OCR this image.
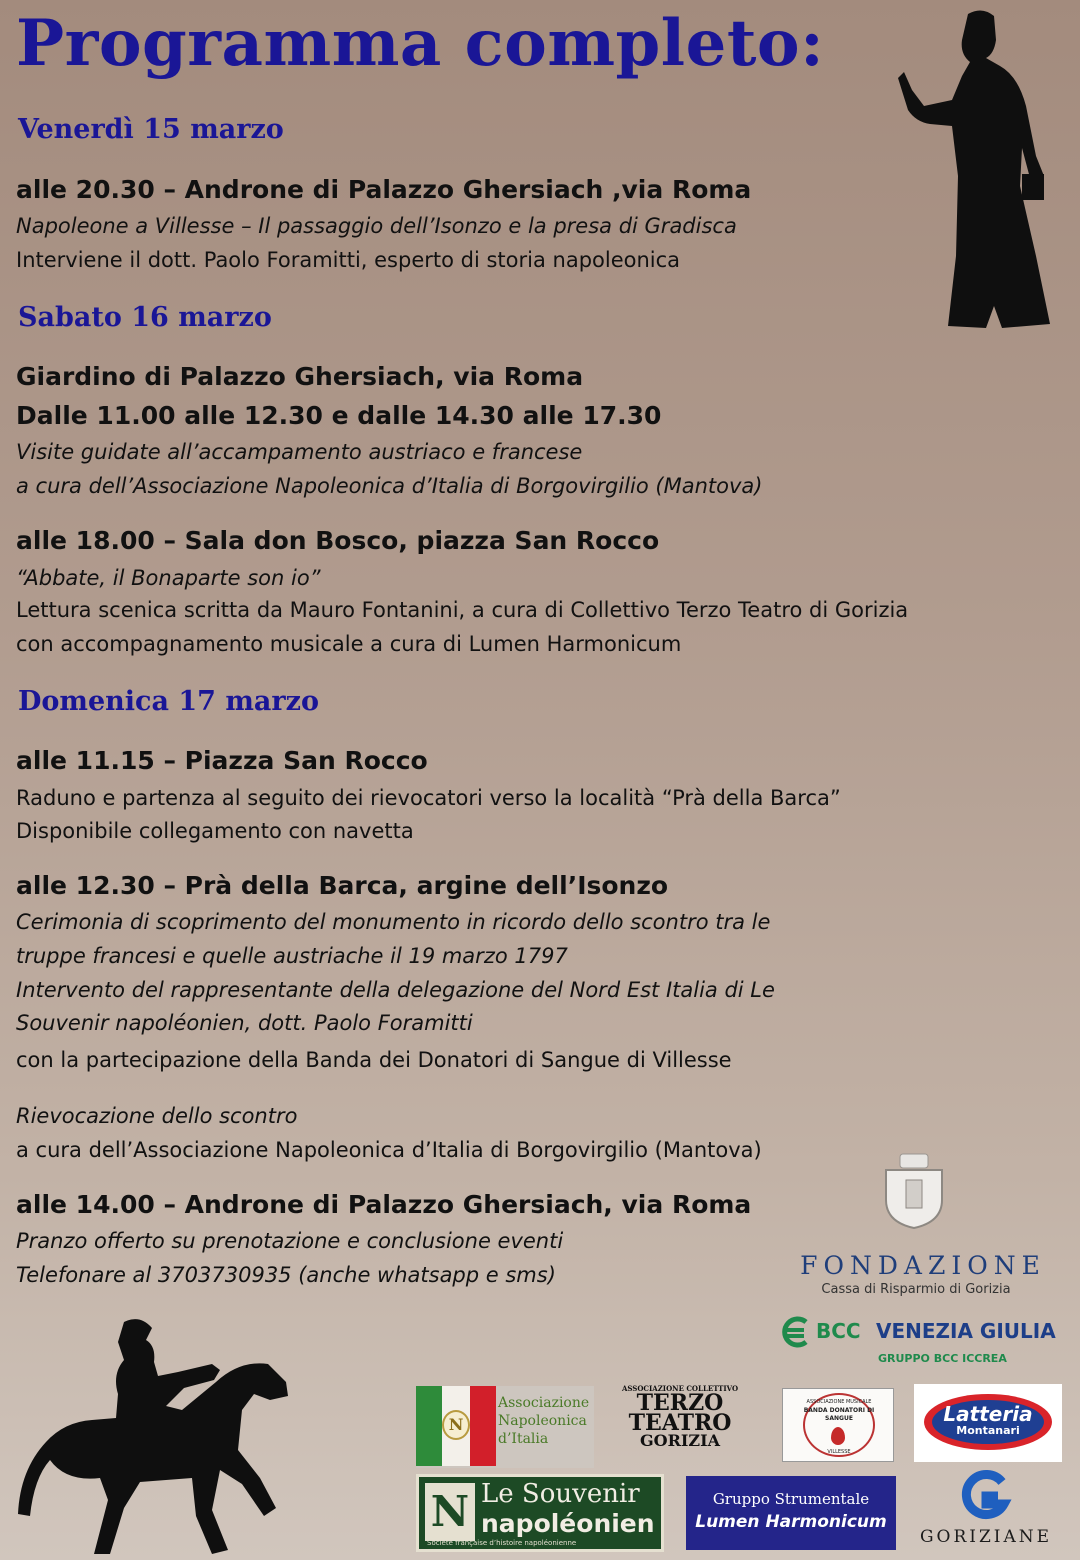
Programma completo:

Venerdì 15 marzo

alle 20.30 – Androne di Palazzo Ghersiach ,via Roma

Napoleone a Villesse – Il passaggio dell’Isonzo e la presa di Gradisca

Interviene il dott. Paolo Foramitti, esperto di storia napoleonica

Sabato 16 marzo

Giardino di Palazzo Ghersiach, via Roma

Dalle 11.00 alle 12.30 e dalle 14.30 alle 17.30

Visite guidate all’accampamento austriaco e francese

a cura dell’Associazione Napoleonica d’Italia di Borgovirgilio (Mantova)

alle 18.00 – Sala don Bosco, piazza San Rocco

“Abbate, il Bonaparte son io”

Lettura scenica scritta da Mauro Fontanini, a cura di Collettivo Terzo Teatro di Gorizia

con accompagnamento musicale a cura di Lumen Harmonicum

Domenica 17 marzo

alle 11.15 – Piazza San Rocco

Raduno e partenza al seguito dei rievocatori verso la località “Prà della Barca”

Disponibile collegamento con navetta

alle 12.30 – Prà della Barca, argine dell’Isonzo

Cerimonia di scoprimento del monumento in ricordo dello scontro tra le

truppe francesi e quelle austriache il 19 marzo 1797

Intervento del rappresentante della delegazione del Nord Est Italia di Le

Souvenir napoléonien, dott. Paolo Foramitti

con la partecipazione della Banda dei Donatori di Sangue di Villesse

Rievocazione dello scontro

a cura dell’Associazione Napoleonica d’Italia di Borgovirgilio (Mantova)

alle 14.00 – Androne di Palazzo Ghersiach, via Roma

Pranzo offerto su prenotazione e conclusione eventi

Telefonare al 3703730935 (anche whatsapp e sms)	FONDAZIONE
Cassa di Risparmio di Gorizia
BCC VENEZIA GIULIA
GRUPPO BCC ICCREA
N
Associazione
Napoleonica
d’Italia
ASSOCIAZIONE COLLETTIVO
TERZO
TEATRO
GORIZIA
ASSOCIAZIONE MUSICALE
BANDA DONATORI DI
SANGUE
VILLESSE
Latteria
Montanari
N Le Souvenir
napoléonien
Société française d’histoire napoléonienne
Gruppo Strumentale
Lumen Harmonicum
GORIZIANE
